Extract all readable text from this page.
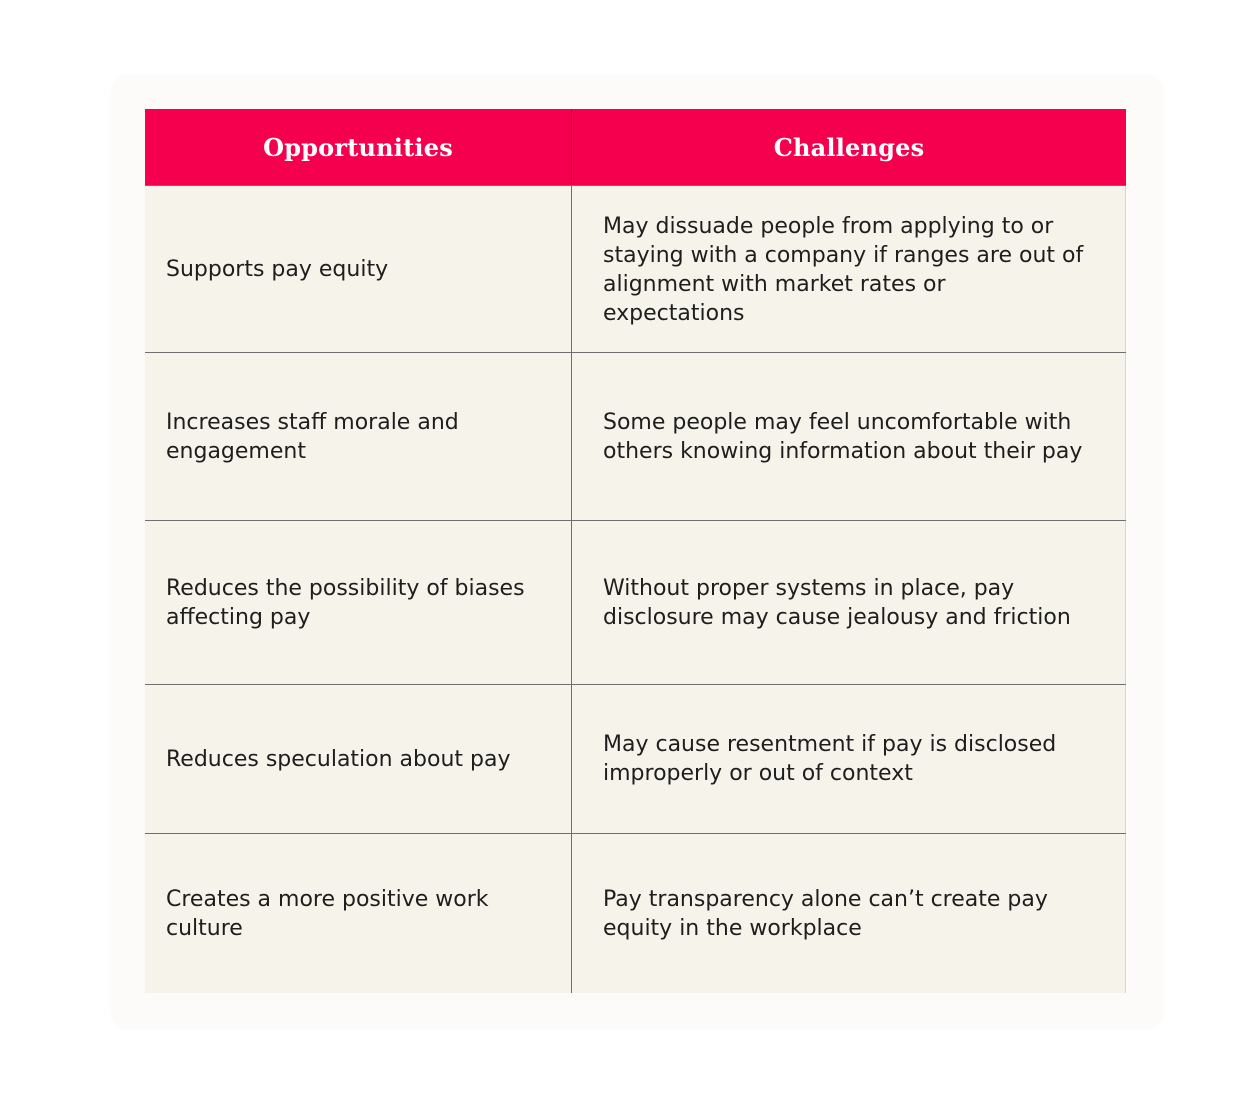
Opportunities	Challenges
Supports pay equity
May dissuade people from applying to or staying with a company if ranges are out of alignment with market rates or expectations
Increases staff morale and engagement
Some people may feel uncomfortable with others knowing information about their pay
Reduces the possibility of biases affecting pay
Without proper systems in place, pay disclosure may cause jealousy and friction
Reduces speculation about pay
May cause resentment if pay is disclosed improperly or out of context
Creates a more positive work culture
Pay transparency alone can’t create pay equity in the workplace
